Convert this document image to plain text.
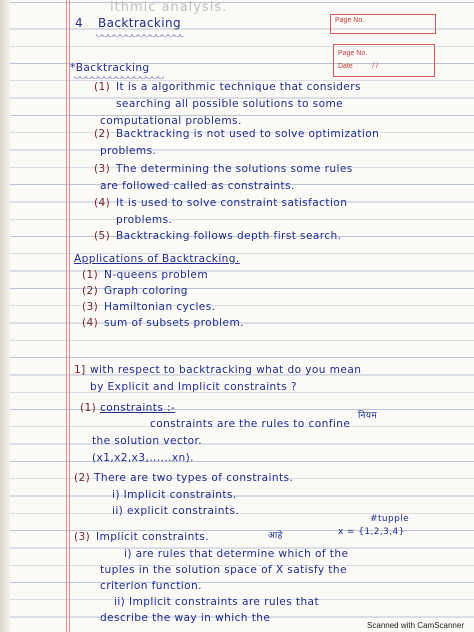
ithmic analysis.
Page No.
Page No.
Date	/ /
4 Backtracking
*Backtracking
(1) It is a algorithmic technique that considers
searching all possible solutions to some
computational problems.
(2) Backtracking is not used to solve optimization
problems.
(3) The determining the solutions some rules
are followed called as constraints.
(4) It is used to solve constraint satisfaction
problems.
(5) Backtracking follows depth first search.
Applications of Backtracking.
(1) N-queens problem
(2) Graph coloring
(3) Hamiltonian cycles.
(4) sum of subsets problem.
1] with respect to backtracking what do you mean
by Explicit and Implicit constraints ?
(1) constraints :-
नियम
constraints are the rules to confine
the solution vector.
(x1,x2,x3,......xn).
(2) There are two types of constraints.
i) Implicit constraints.
ii) explicit constraints.
#tupple
x = {1,2,3,4}
(3) Implicit constraints.	आहे
i) are rules that determine which of the
tuples in the solution space of X satisfy the
criterion function.
ii) Implicit constraints are rules that
describe the way in which the
Scanned with CamScanner
